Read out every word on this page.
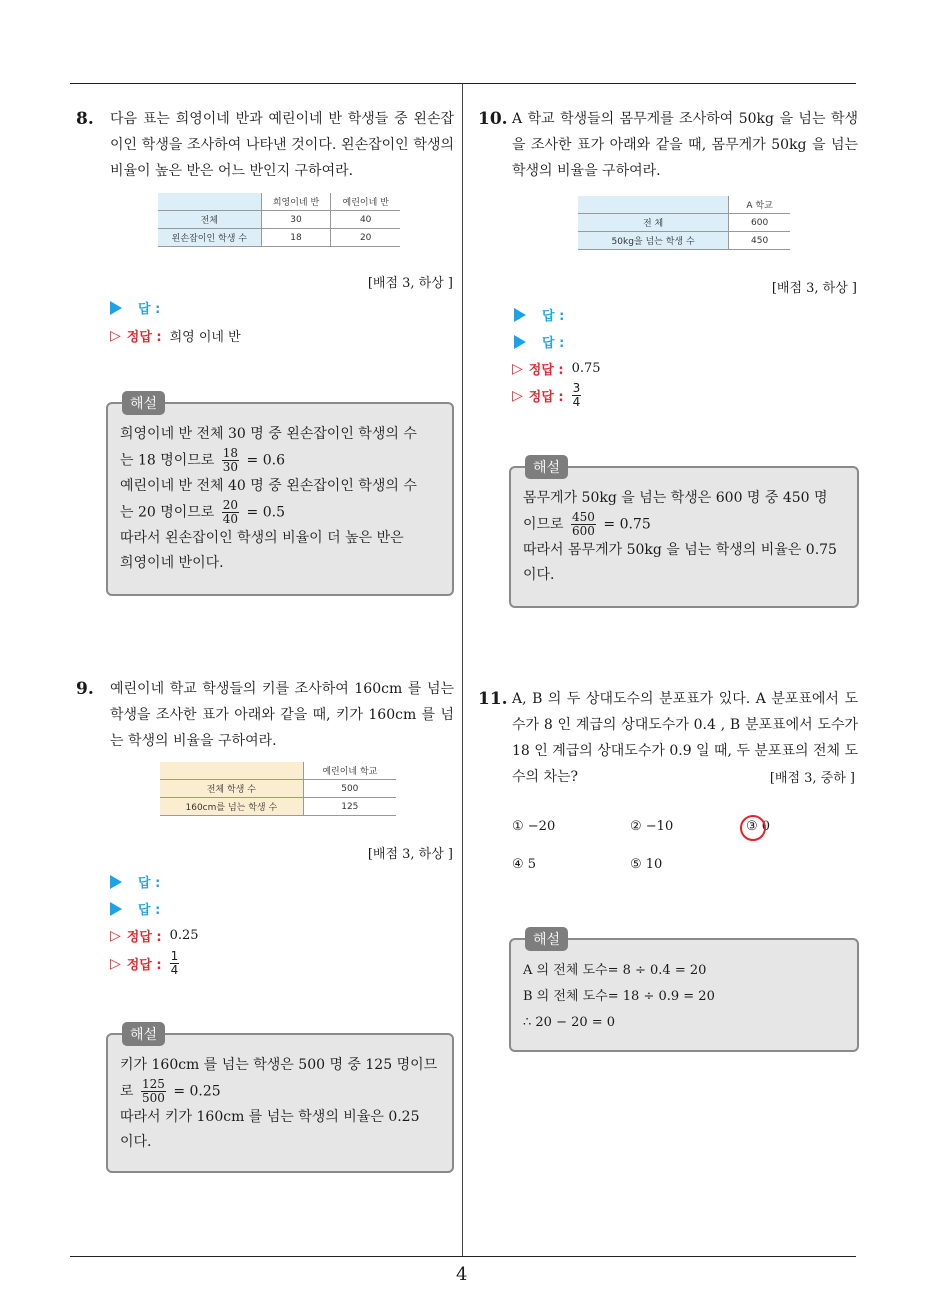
4
8. 다음 표는 희영이네 반과 예린이네 반 학생들 중 왼손잡이인 학생을 조사하여 나타낸 것이다. 왼손잡이인 학생의 비율이 높은 반은 어느 반인지 구하여라.
	희영이네 반	예린이네 반
전체	30	40
왼손잡이인 학생 수	18	20
[배점 3, 하상 ]
답 :
▷ 정답 : 희영 이네 반
해설
희영이네 반 전체 30 명 중 왼손잡이인 학생의 수
는 18 명이므로 $\frac{18}{30} = 0.6$
예린이네 반 전체 40 명 중 왼손잡이인 학생의 수
는 20 명이므로 $\frac{20}{40} = 0.5$
따라서 왼손잡이인 학생의 비율이 더 높은 반은
희영이네 반이다.
9. 예린이네 학교 학생들의 키를 조사하여 160cm 를 넘는 학생을 조사한 표가 아래와 같을 때, 키가 160cm 를 넘는 학생의 비율을 구하여라.
	예린이네 학교
전체 학생 수	500
160cm를 넘는 학생 수	125
[배점 3, 하상 ]
답 :
답 :
▷ 정답 : 0.25
▷ 정답 : $\frac{1}{4}$
해설
키가 160cm 를 넘는 학생은 500 명 중 125 명이므
로 $\frac{125}{500} = 0.25$
따라서 키가 160cm 를 넘는 학생의 비율은 0.25
이다.
10. A 학교 학생들의 몸무게를 조사하여 50kg 을 넘는 학생을 조사한 표가 아래와 같을 때, 몸무게가 50kg 을 넘는 학생의 비율을 구하여라.
	A 학교
전 체	600
50kg을 넘는 학생 수	450
[배점 3, 하상 ]
답 :
답 :
▷ 정답 : 0.75
▷ 정답 : $\frac{3}{4}$
해설
몸무게가 50kg 을 넘는 학생은 600 명 중 450 명
이므로 $\frac{450}{600} = 0.75$
따라서 몸무게가 50kg 을 넘는 학생의 비율은 0.75
이다.
11. A, B 의 두 상대도수의 분포표가 있다. A 분포표에서 도수가 8 인 계급의 상대도수가 0.4 , B 분포표에서 도수가 18 인 계급의 상대도수가 0.9 일 때, 두 분포표의 전체 도수의 차는?	[배점 3, 중하 ]
① −20	② −10	③ 0
④ 5	⑤ 10
해설
A 의 전체 도수= 8 ÷ 0.4 = 20
B 의 전체 도수= 18 ÷ 0.9 = 20
∴ 20 − 20 = 0
